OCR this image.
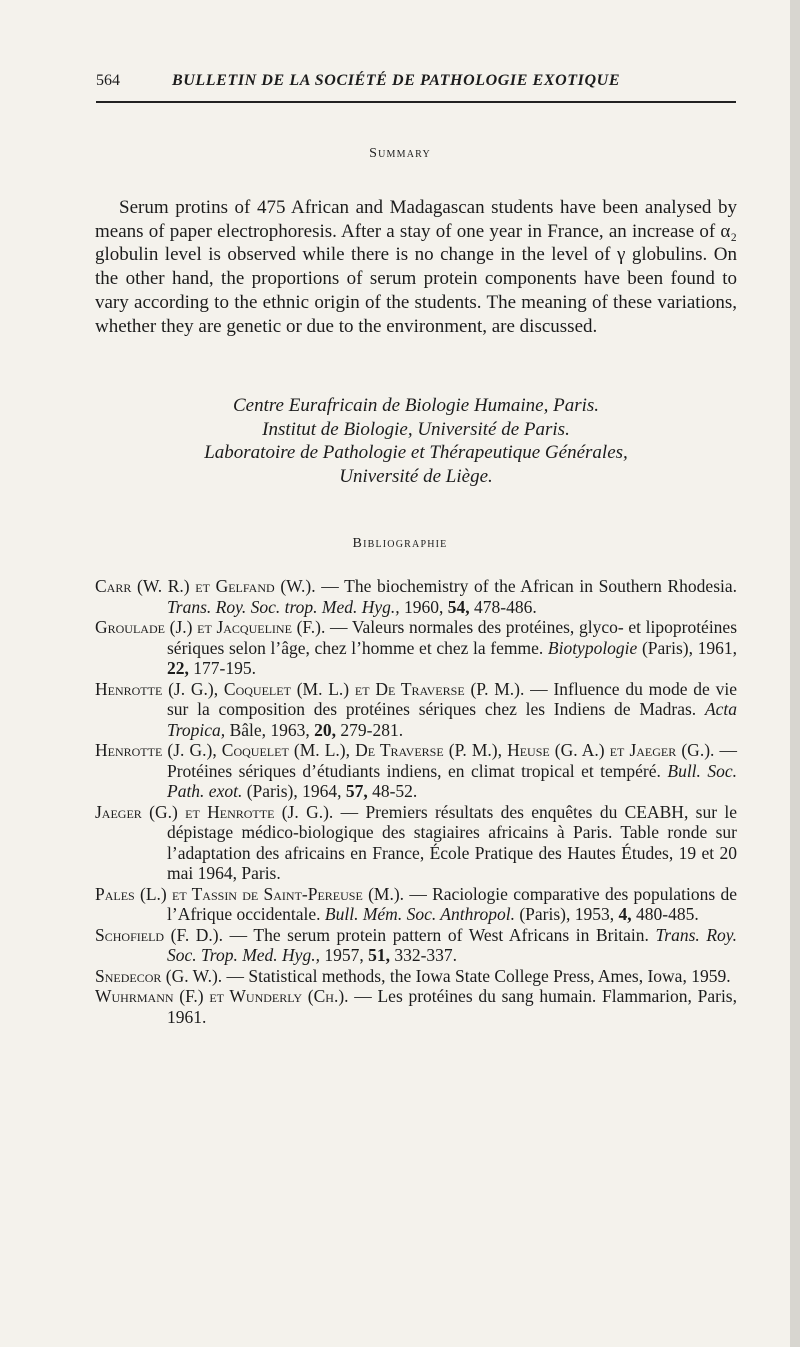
564	BULLETIN DE LA SOCIÉTÉ DE PATHOLOGIE EXOTIQUE
Summary

Serum protins of 475 African and Madagascan students have been analysed by means of paper electrophoresis. After a stay of one year in France, an increase of α₂ globulin level is observed while there is no change in the level of γ globulins. On the other hand, the proportions of serum protein components have been found to vary according to the ethnic origin of the students. The meaning of these variations, whether they are genetic or due to the environment, are discussed.

Centre Eurafricain de Biologie Humaine, Paris.
Institut de Biologie, Université de Paris.
Laboratoire de Pathologie et Thérapeutique Générales,
Université de Liège.
Bibliographie
Carr (W. R.) et Gelfand (W.). — The biochemistry of the African in Southern Rhodesia. Trans. Roy. Soc. trop. Med. Hyg., 1960, 54, 478-486.
Groulade (J.) et Jacqueline (F.). — Valeurs normales des protéines, glyco- et lipoprotéines sériques selon l’âge, chez l’homme et chez la femme. Biotypologie (Paris), 1961, 22, 177-195.
Henrotte (J. G.), Coquelet (M. L.) et De Traverse (P. M.). — Influence du mode de vie sur la composition des protéines sériques chez les Indiens de Madras. Acta Tropica, Bâle, 1963, 20, 279-281.
Henrotte (J. G.), Coquelet (M. L.), De Traverse (P. M.), Heuse (G. A.) et Jaeger (G.). — Protéines sériques d’étudiants indiens, en climat tropical et tempéré. Bull. Soc. Path. exot. (Paris), 1964, 57, 48-52.
Jaeger (G.) et Henrotte (J. G.). — Premiers résultats des enquêtes du CEABH, sur le dépistage médico-biologique des stagiaires africains à Paris. Table ronde sur l’adaptation des africains en France, École Pratique des Hautes Études, 19 et 20 mai 1964, Paris.
Pales (L.) et Tassin de Saint-Pereuse (M.). — Raciologie comparative des populations de l’Afrique occidentale. Bull. Mém. Soc. Anthropol. (Paris), 1953, 4, 480-485.
Schofield (F. D.). — The serum protein pattern of West Africans in Britain. Trans. Roy. Soc. Trop. Med. Hyg., 1957, 51, 332-337.
Snedecor (G. W.). — Statistical methods, the Iowa State College Press, Ames, Iowa, 1959.
Wuhrmann (F.) et Wunderly (Ch.). — Les protéines du sang humain. Flammarion, Paris, 1961.
